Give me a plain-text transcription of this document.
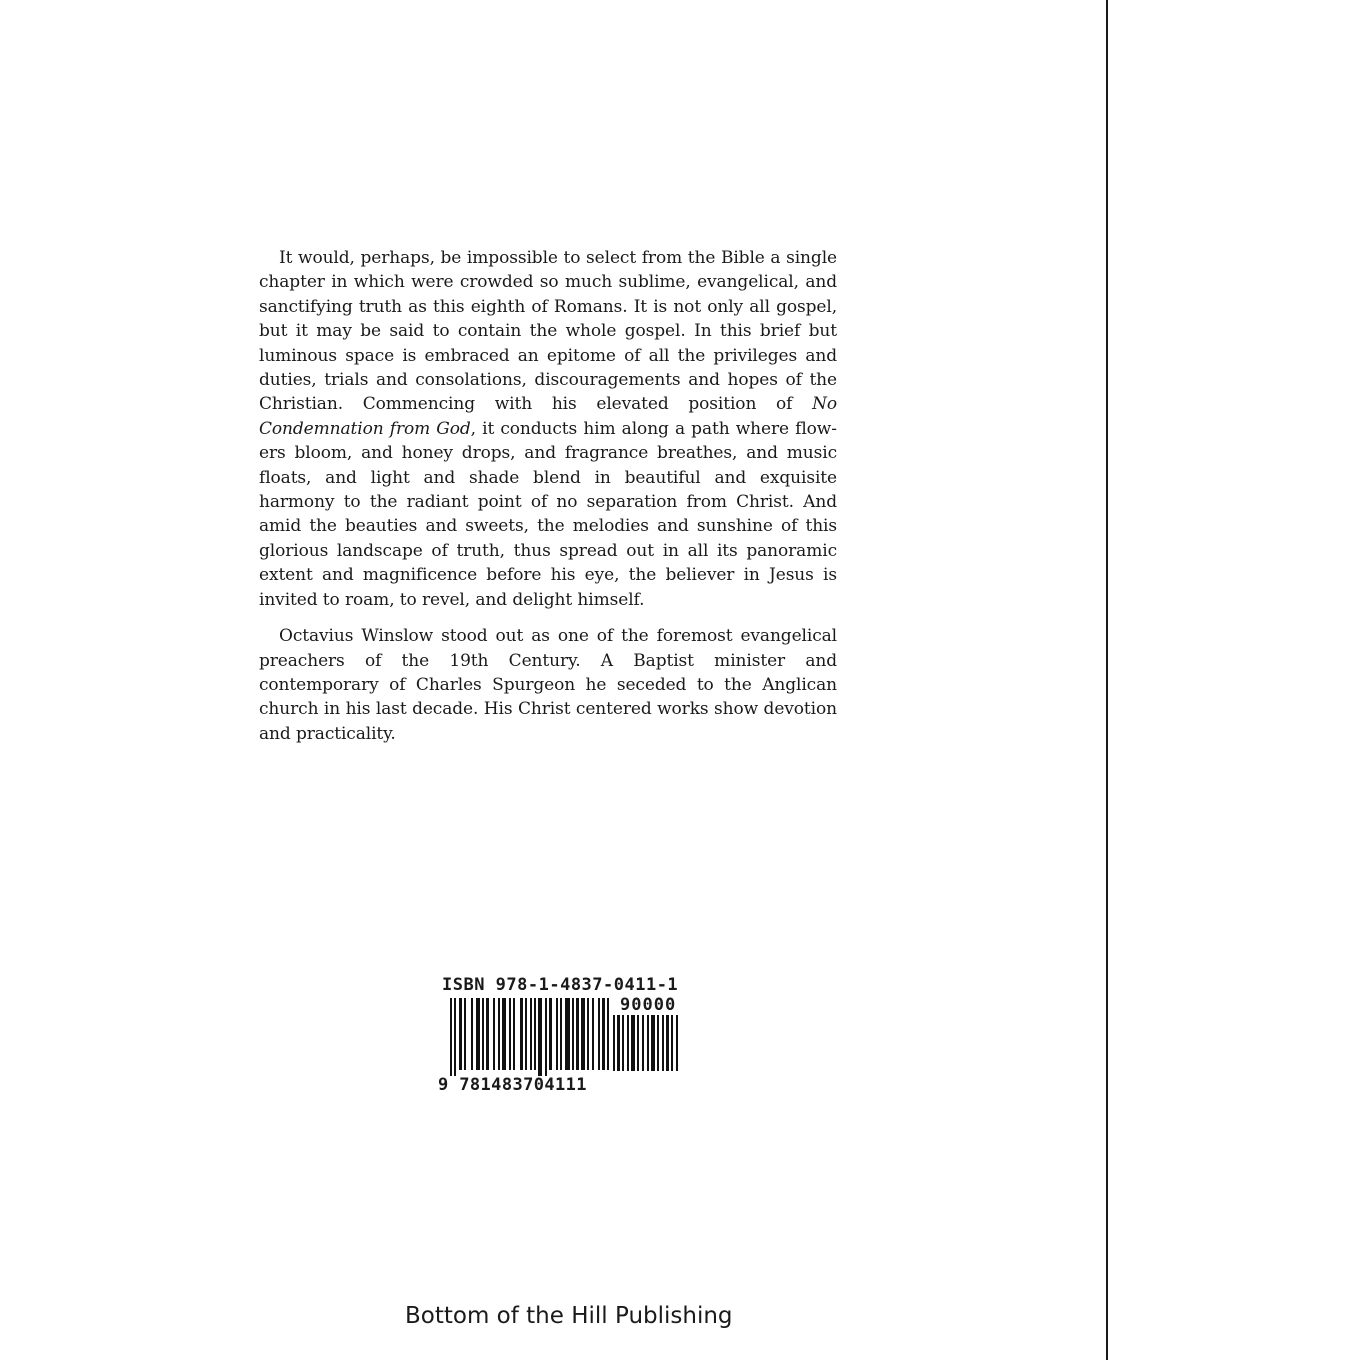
It would, perhaps, be impossible to select from the Bible a single chapter in which were crowded so much sublime, evangelical, and sanctifying truth as this eighth of Romans. It is not only all gospel, but it may be said to contain the whole gospel. In this brief but luminous space is embraced an epitome of all the privileges and duties, trials and consolations, discouragements and hopes of the Christian. Commencing with his elevated position of No Condemnation from God, it conducts him along a path where flowers bloom, and honey drops, and fragrance breathes, and music floats, and light and shade blend in beautiful and exquisite harmony to the radiant point of no separation from Christ. And amid the beauties and sweets, the melodies and sunshine of this glorious landscape of truth, thus spread out in all its panoramic extent and magnificence before his eye, the believer in Jesus is invited to roam, to revel, and delight himself.

Octavius Winslow stood out as one of the foremost evangelical preachers of the 19th Century. A Baptist minister and contemporary of Charles Spurgeon he seceded to the Anglican church in his last decade. His Christ centered works show devotion and practicality.

ISBN 978-1-4837-0411-1
90000
9 781483704111
Bottom of the Hill Publishing
